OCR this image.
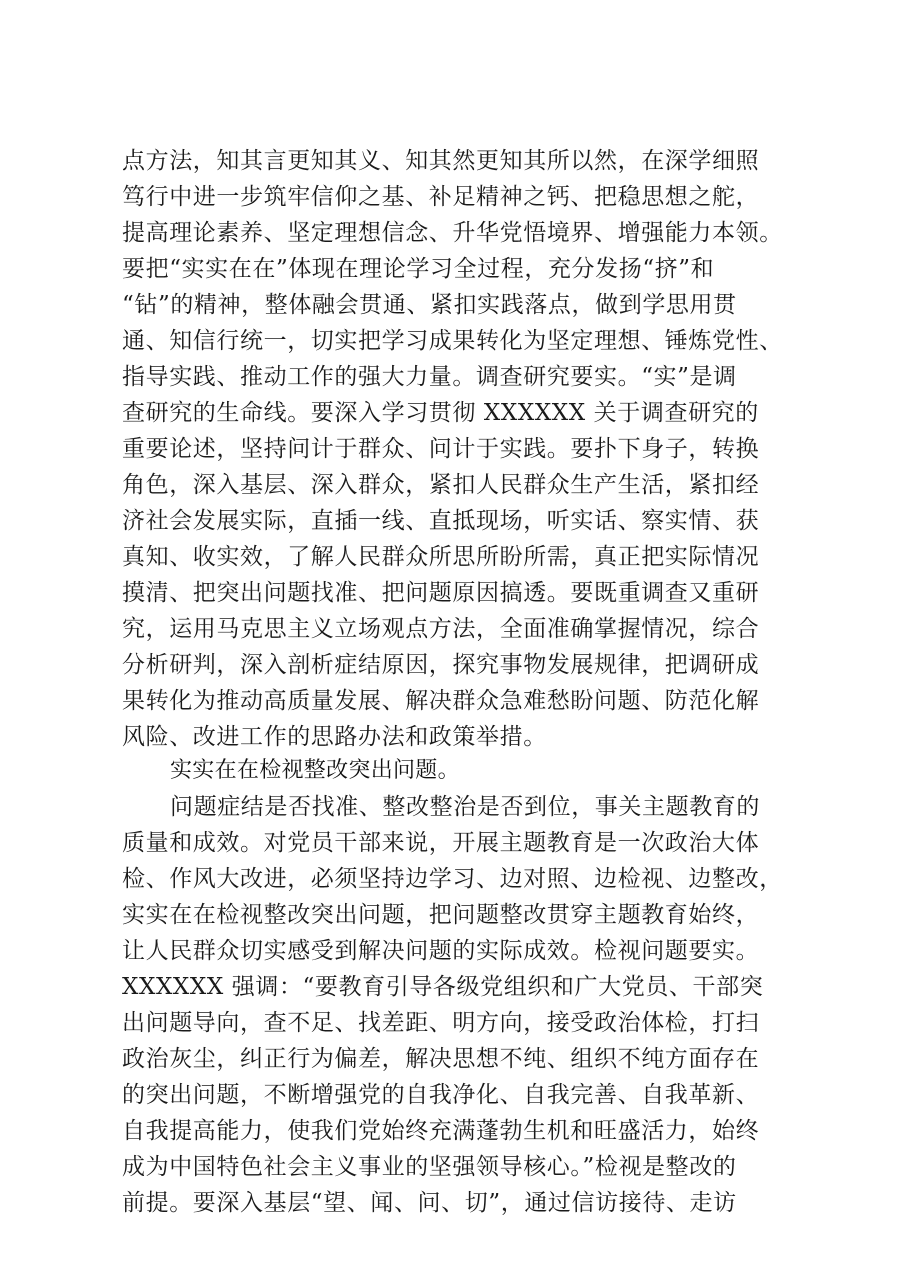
点方法，知其言更知其义、知其然更知其所以然，在深学细照
笃行中进一步筑牢信仰之基、补足精神之钙、把稳思想之舵，
提高理论素养、坚定理想信念、升华党悟境界、增强能力本领。
要把“实实在在”体现在理论学习全过程，充分发扬“挤”和
“钻”的精神，整体融会贯通、紧扣实践落点，做到学思用贯
通、知信行统一，切实把学习成果转化为坚定理想、锤炼党性、
指导实践、推动工作的强大力量。调查研究要实。“实”是调
查研究的生命线。要深入学习贯彻 XXXXXX 关于调查研究的
重要论述，坚持问计于群众、问计于实践。要扑下身子，转换
角色，深入基层、深入群众，紧扣人民群众生产生活，紧扣经
济社会发展实际，直插一线、直抵现场，听实话、察实情、获
真知、收实效，了解人民群众所思所盼所需，真正把实际情况
摸清、把突出问题找准、把问题原因搞透。要既重调查又重研
究，运用马克思主义立场观点方法，全面准确掌握情况，综合
分析研判，深入剖析症结原因，探究事物发展规律，把调研成
果转化为推动高质量发展、解决群众急难愁盼问题、防范化解
风险、改进工作的思路办法和政策举措。
实实在在检视整改突出问题。
问题症结是否找准、整改整治是否到位，事关主题教育的
质量和成效。对党员干部来说，开展主题教育是一次政治大体
检、作风大改进，必须坚持边学习、边对照、边检视、边整改，
实实在在检视整改突出问题，把问题整改贯穿主题教育始终，
让人民群众切实感受到解决问题的实际成效。检视问题要实。
XXXXXX 强调：“要教育引导各级党组织和广大党员、干部突
出问题导向，查不足、找差距、明方向，接受政治体检，打扫
政治灰尘，纠正行为偏差，解决思想不纯、组织不纯方面存在
的突出问题，不断增强党的自我净化、自我完善、自我革新、
自我提高能力，使我们党始终充满蓬勃生机和旺盛活力，始终
成为中国特色社会主义事业的坚强领导核心。”检视是整改的
前提。要深入基层“望、闻、问、切”，通过信访接待、走访
